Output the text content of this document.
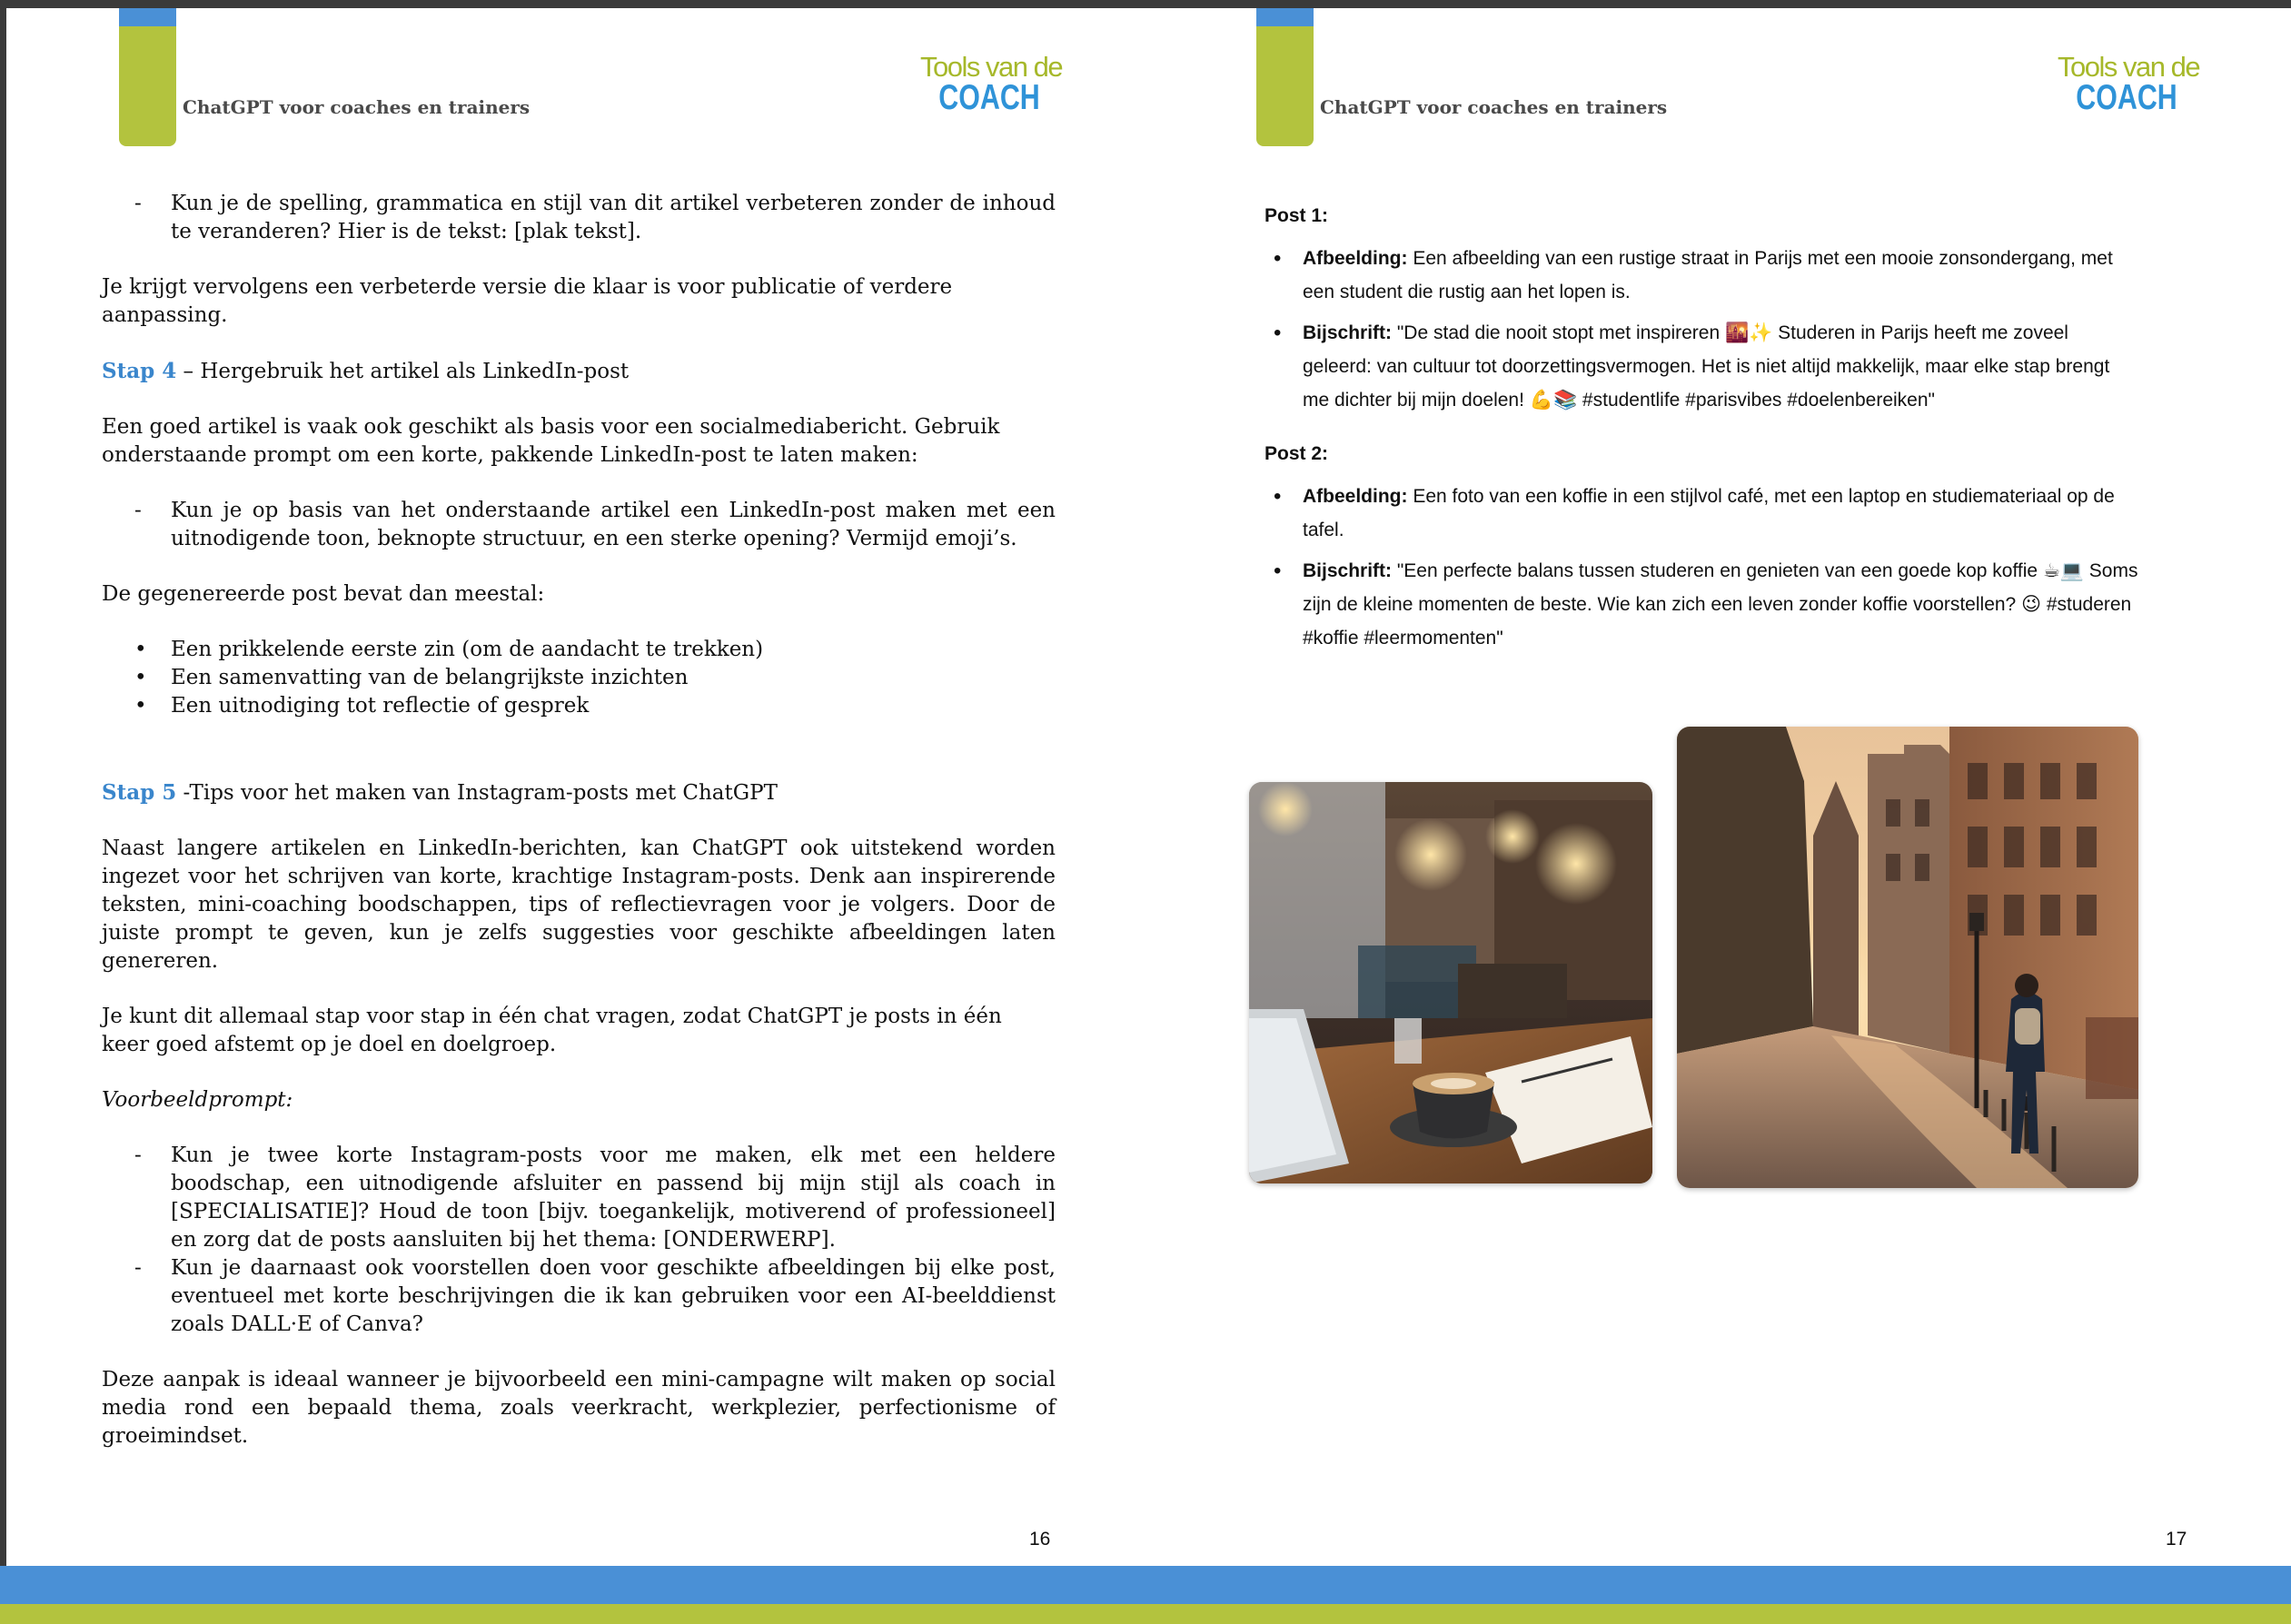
ChatGPT voor coaches en trainers
Tools van de
COACH
- Kun je de spelling, grammatica en stijl van dit artikel verbeteren zonder de inhoud te veranderen? Hier is de tekst: [plak tekst].

Je krijgt vervolgens een verbeterde versie die klaar is voor publicatie of verdere aanpassing.

Stap 4 – Hergebruik het artikel als LinkedIn-post

Een goed artikel is vaak ook geschikt als basis voor een socialmediabericht. Gebruik onderstaande prompt om een korte, pakkende LinkedIn-post te laten maken:

- Kun je op basis van het onderstaande artikel een LinkedIn-post maken met een uitnodigende toon, beknopte structuur, en een sterke opening? Vermijd emoji’s.

De gegenereerde post bevat dan meestal:

• Een prikkelende eerste zin (om de aandacht te trekken)
• Een samenvatting van de belangrijkste inzichten
• Een uitnodiging tot reflectie of gesprek

Stap 5 -Tips voor het maken van Instagram-posts met ChatGPT

Naast langere artikelen en LinkedIn-berichten, kan ChatGPT ook uitstekend worden ingezet voor het schrijven van korte, krachtige Instagram-posts. Denk aan inspirerende teksten, mini-coaching boodschappen, tips of reflectievragen voor je volgers. Door de juiste prompt te geven, kun je zelfs suggesties voor geschikte afbeeldingen laten genereren.

Je kunt dit allemaal stap voor stap in één chat vragen, zodat ChatGPT je posts in één keer goed afstemt op je doel en doelgroep.

Voorbeeldprompt:

- Kun je twee korte Instagram-posts voor me maken, elk met een heldere boodschap, een uitnodigende afsluiter en passend bij mijn stijl als coach in [SPECIALISATIE]? Houd de toon [bijv. toegankelijk, motiverend of professioneel] en zorg dat de posts aansluiten bij het thema: [ONDERWERP].
- Kun je daarnaast ook voorstellen doen voor geschikte afbeeldingen bij elke post, eventueel met korte beschrijvingen die ik kan gebruiken voor een AI-beelddienst zoals DALL·E of Canva?

Deze aanpak is ideaal wanneer je bijvoorbeeld een mini-campagne wilt maken op social media rond een bepaald thema, zoals veerkracht, werkplezier, perfectionisme of groeimindset.

16
ChatGPT voor coaches en trainers
Tools van de
COACH
Post 1:
• Afbeelding: Een afbeelding van een rustige straat in Parijs met een mooie zonsondergang, met een student die rustig aan het lopen is.
• Bijschrift: "De stad die nooit stopt met inspireren 🌇✨ Studeren in Parijs heeft me zoveel geleerd: van cultuur tot doorzettingsvermogen. Het is niet altijd makkelijk, maar elke stap brengt me dichter bij mijn doelen! 💪📚 #studentlife #parisvibes #doelenbereiken"
Post 2:
• Afbeelding: Een foto van een koffie in een stijlvol café, met een laptop en studiemateriaal op de tafel.
• Bijschrift: "Een perfecte balans tussen studeren en genieten van een goede kop koffie ☕💻 Soms zijn de kleine momenten de beste. Wie kan zich een leven zonder koffie voorstellen? 😉 #studeren #koffie #leermomenten"
17
